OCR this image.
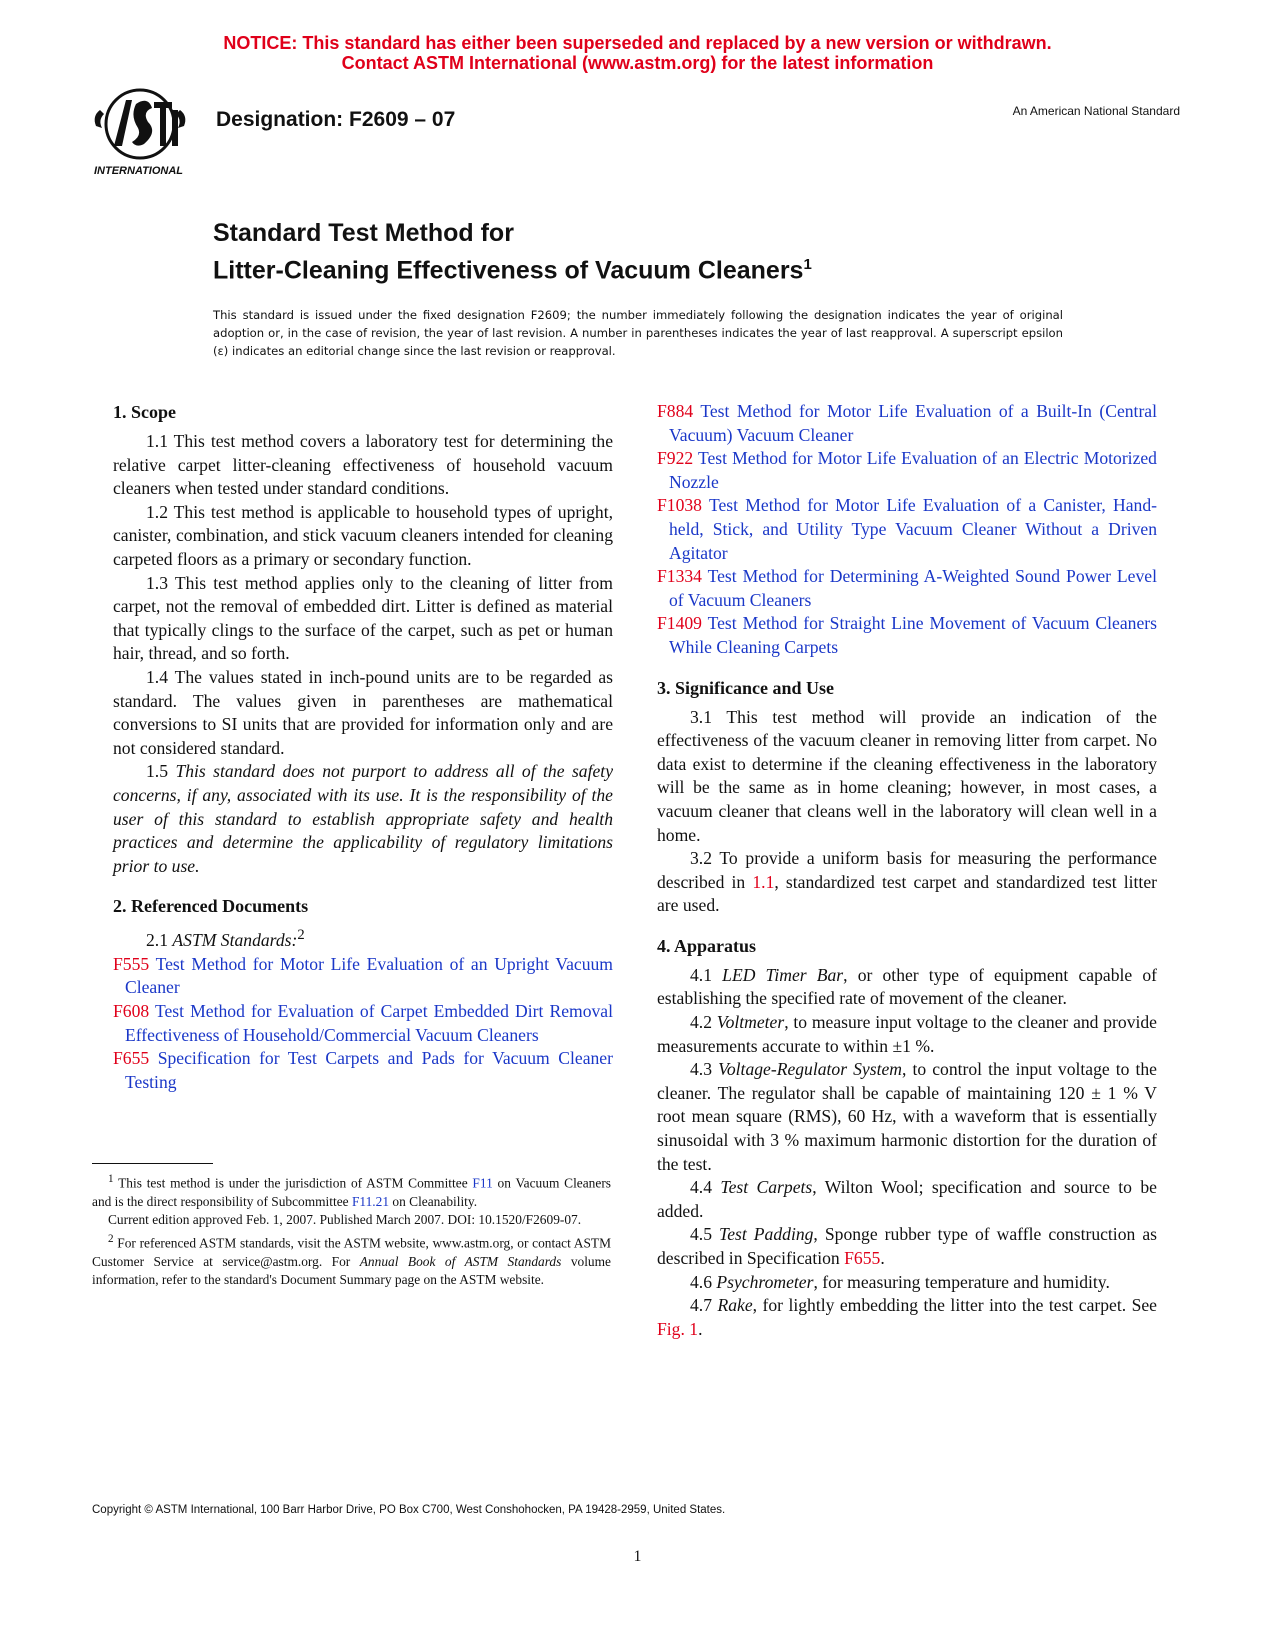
NOTICE: This standard has either been superseded and replaced by a new version or withdrawn.
Contact ASTM International (www.astm.org) for the latest information
INTERNATIONAL
Designation: F2609 – 07	An American National Standard
Standard Test Method for
Litter-Cleaning Effectiveness of Vacuum Cleaners$^1$
This standard is issued under the fixed designation F2609; the number immediately following the designation indicates the year of original adoption or, in the case of revision, the year of last revision. A number in parentheses indicates the year of last reapproval. A superscript epsilon (ε) indicates an editorial change since the last revision or reapproval.
1. Scope

1.1 This test method covers a laboratory test for determining the relative carpet litter-cleaning effectiveness of household vacuum cleaners when tested under standard conditions.

1.2 This test method is applicable to household types of upright, canister, combination, and stick vacuum cleaners intended for cleaning carpeted floors as a primary or secondary function.

1.3 This test method applies only to the cleaning of litter from carpet, not the removal of embedded dirt. Litter is defined as material that typically clings to the surface of the carpet, such as pet or human hair, thread, and so forth.

1.4 The values stated in inch-pound units are to be regarded as standard. The values given in parentheses are mathematical conversions to SI units that are provided for information only and are not considered standard.

1.5 This standard does not purport to address all of the safety concerns, if any, associated with its use. It is the responsibility of the user of this standard to establish appropriate safety and health practices and determine the applicability of regulatory limitations prior to use.

2. Referenced Documents

2.1 ASTM Standards:$^2$

F555 Test Method for Motor Life Evaluation of an Upright Vacuum Cleaner

F608 Test Method for Evaluation of Carpet Embedded Dirt Removal Effectiveness of Household/Commercial Vacuum Cleaners

F655 Specification for Test Carpets and Pads for Vacuum Cleaner Testing

F884 Test Method for Motor Life Evaluation of a Built-In (Central Vacuum) Vacuum Cleaner

F922 Test Method for Motor Life Evaluation of an Electric Motorized Nozzle

F1038 Test Method for Motor Life Evaluation of a Canister, Hand-held, Stick, and Utility Type Vacuum Cleaner Without a Driven Agitator

F1334 Test Method for Determining A-Weighted Sound Power Level of Vacuum Cleaners

F1409 Test Method for Straight Line Movement of Vacuum Cleaners While Cleaning Carpets

3. Significance and Use

3.1 This test method will provide an indication of the effectiveness of the vacuum cleaner in removing litter from carpet. No data exist to determine if the cleaning effectiveness in the laboratory will be the same as in home cleaning; however, in most cases, a vacuum cleaner that cleans well in the laboratory will clean well in a home.

3.2 To provide a uniform basis for measuring the performance described in 1.1, standardized test carpet and standardized test litter are used.

4. Apparatus

4.1 LED Timer Bar, or other type of equipment capable of establishing the specified rate of movement of the cleaner.

4.2 Voltmeter, to measure input voltage to the cleaner and provide measurements accurate to within ±1 %.

4.3 Voltage-Regulator System, to control the input voltage to the cleaner. The regulator shall be capable of maintaining 120 ± 1 % V root mean square (RMS), 60 Hz, with a waveform that is essentially sinusoidal with 3 % maximum harmonic distortion for the duration of the test.

4.4 Test Carpets, Wilton Wool; specification and source to be added.

4.5 Test Padding, Sponge rubber type of waffle construction as described in Specification F655.

4.6 Psychrometer, for measuring temperature and humidity.

4.7 Rake, for lightly embedding the litter into the test carpet. See Fig. 1.

$^1$ This test method is under the jurisdiction of ASTM Committee F11 on Vacuum Cleaners and is the direct responsibility of Subcommittee F11.21 on Cleanability.

Current edition approved Feb. 1, 2007. Published March 2007. DOI: 10.1520/F2609-07.

$^2$ For referenced ASTM standards, visit the ASTM website, www.astm.org, or contact ASTM Customer Service at service@astm.org. For Annual Book of ASTM Standards volume information, refer to the standard's Document Summary page on the ASTM website.

Copyright © ASTM International, 100 Barr Harbor Drive, PO Box C700, West Conshohocken, PA 19428-2959, United States.
1
